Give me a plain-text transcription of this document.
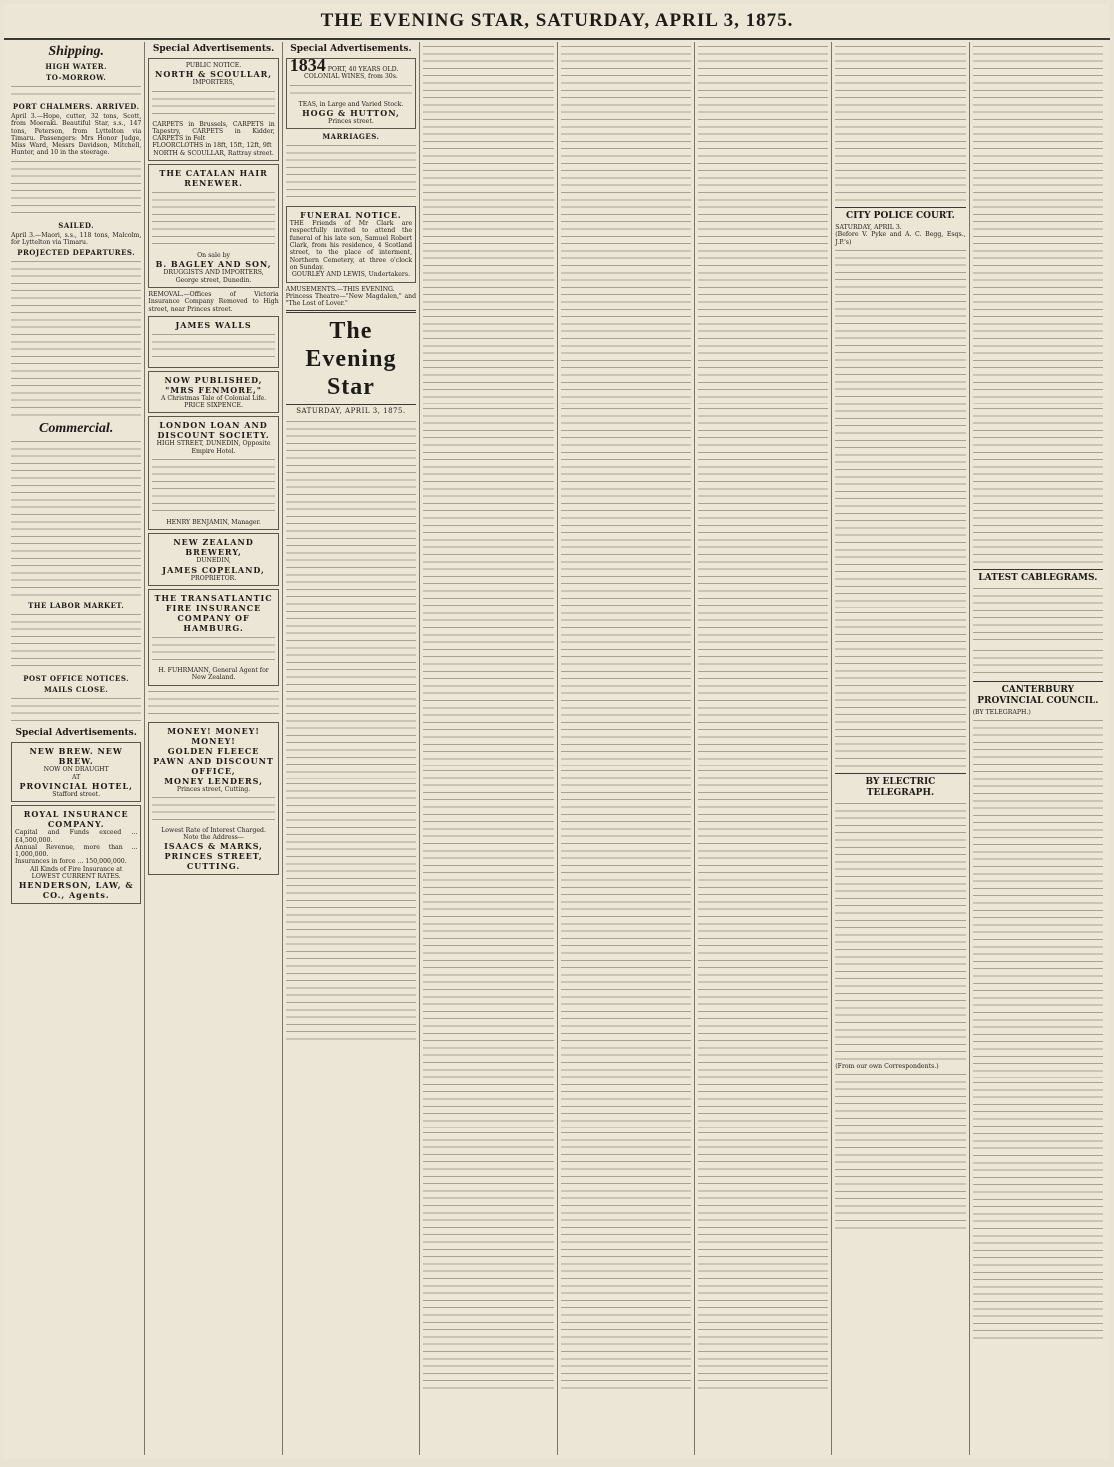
THE EVENING STAR, SATURDAY, APRIL 3, 1875.
Shipping.
HIGH WATER.
TO-MORROW.
PORT CHALMERS. ARRIVED.
April 3.—Hope, cutter, 32 tons, Scott, from Moeraki. Beautiful Star, s.s., 147 tons, Peterson, from Lyttelton via Timaru. Passengers: Mrs Honor Judge, Miss Ward, Messrs Davidson, Mitchell, Hunter, and 10 in the steerage.
SAILED.
April 3.—Maori, s.s., 118 tons, Malcolm, for Lyttelton via Timaru.
PROJECTED DEPARTURES.
Commercial.
THE LABOR MARKET.
POST OFFICE NOTICES.
MAILS CLOSE.
Special Advertisements.
NEW BREW. NEW BREW.
NOW ON DRAUGHT
AT
PROVINCIAL HOTEL,
Stafford street.
ROYAL INSURANCE COMPANY.
Capital and Funds exceed ... £4,500,000.
Annual Revenue, more than ... 1,000,000.
Insurances in force ... 150,000,000.
All Kinds of Fire Insurance at LOWEST CURRENT RATES.
HENDERSON, LAW, & CO., Agents.
Special Advertisements.
PUBLIC NOTICE.
NORTH & SCOULLAR,
IMPORTERS,
CARPETS in Brussels, CARPETS in Tapestry, CARPETS in Kidder, CARPETS in Felt
FLOORCLOTHS in 18ft, 15ft, 12ft, 9ft
NORTH & SCOULLAR, Rattray street.
THE CATALAN HAIR RENEWER.
On sale by
B. BAGLEY AND SON,
DRUGGISTS AND IMPORTERS, George street, Dunedin.
REMOVAL.—Offices of Victoria Insurance Company Removed to High street, near Princes street.
JAMES WALLS
NOW PUBLISHED,
"MRS FENMORE,"
A Christmas Tale of Colonial Life.
PRICE SIXPENCE.
LONDON LOAN AND DISCOUNT SOCIETY.
HIGH STREET, DUNEDIN, Opposite Empire Hotel.
HENRY BENJAMIN, Manager.
NEW ZEALAND BREWERY,
DUNEDIN,
JAMES COPELAND,
PROPRIETOR.
THE TRANSATLANTIC FIRE INSURANCE COMPANY OF HAMBURG.
H. FUHRMANN, General Agent for New Zealand.
MONEY! MONEY! MONEY!
GOLDEN FLEECE PAWN AND DISCOUNT OFFICE,
MONEY LENDERS,
Princes street, Cutting.
Lowest Rate of Interest Charged.
Note the Address—
ISAACS & MARKS, PRINCES STREET, CUTTING.
Special Advertisements.
1834 PORT, 40 YEARS OLD.
COLONIAL WINES, from 30s.
TEAS, in Large and Varied Stock.
HOGG & HUTTON,
Princes street.
MARRIAGES.
FUNERAL NOTICE.
THE Friends of Mr Clark are respectfully invited to attend the funeral of his late son, Samuel Robert Clark, from his residence, 4 Scotland street, to the place of interment, Northern Cemetery, at three o'clock on Sunday.
GOURLEY AND LEWIS, Undertakers.
AMUSEMENTS.—THIS EVENING.
Princess Theatre—"New Magdalen," and "The Lost of Lover."
The Evening Star
SATURDAY, APRIL 3, 1875.
CITY POLICE COURT.
SATURDAY, APRIL 3.
(Before V. Pyke and A. C. Begg, Esqs., J.P.'s)
BY ELECTRIC TELEGRAPH.
(From our own Correspondents.)
LATEST CABLEGRAMS.
CANTERBURY PROVINCIAL COUNCIL.
(BY TELEGRAPH.)
